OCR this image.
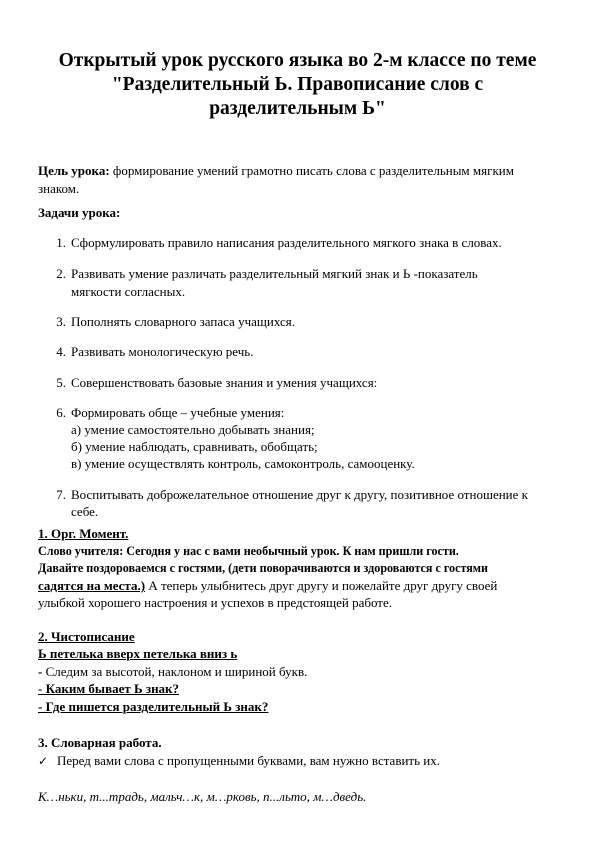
Открытый урок русского языка во 2-м классе по теме
"Разделительный Ь. Правописание слов с
разделительным Ь"

Цель урока: формирование умений грамотно писать слова с разделительным мягким

знаком.

Задачи урока:

1. Сформулировать правило написания разделительного мягкого знака в словах.
2. Развивать умение различать разделительный мягкий знак и Ь -показатель
мягкости согласных.
3. Пополнять словарного запаса учащихся.
4. Развивать монологическую речь.
5. Совершенствовать базовые знания и умения учащихся:
6. Формировать обще – учебные умения:
а) умение самостоятельно добывать знания;
б) умение наблюдать, сравнивать, обобщать;
в) умение осуществлять контроль, самоконтроль, самооценку.
7. Воспитывать доброжелательное отношение друг к другу, позитивное отношение к
себе.

1. Орг. Момент.

Слово учителя: Сегодня у нас с вами необычный урок. К нам пришли гости.

Давайте поздороваемся с гостями, (дети поворачиваются и здороваются с гостями

садятся на места.) А теперь улыбнитесь друг другу и пожелайте друг другу своей

улыбкой хорошего настроения и успехов в предстоящей работе.

2. Чистописание

Ь петелька вверх петелька вниз ь

- Следим за высотой, наклоном и шириной букв.

- Каким бывает Ь знак?

- Где пишется разделительный Ь знак?

3. Словарная работа.

✓ Перед вами слова с пропущенными буквами, вам нужно вставить их.

К…ньки, т...традь, мальч…к, м…рковь, п...льто, м…дведь.
